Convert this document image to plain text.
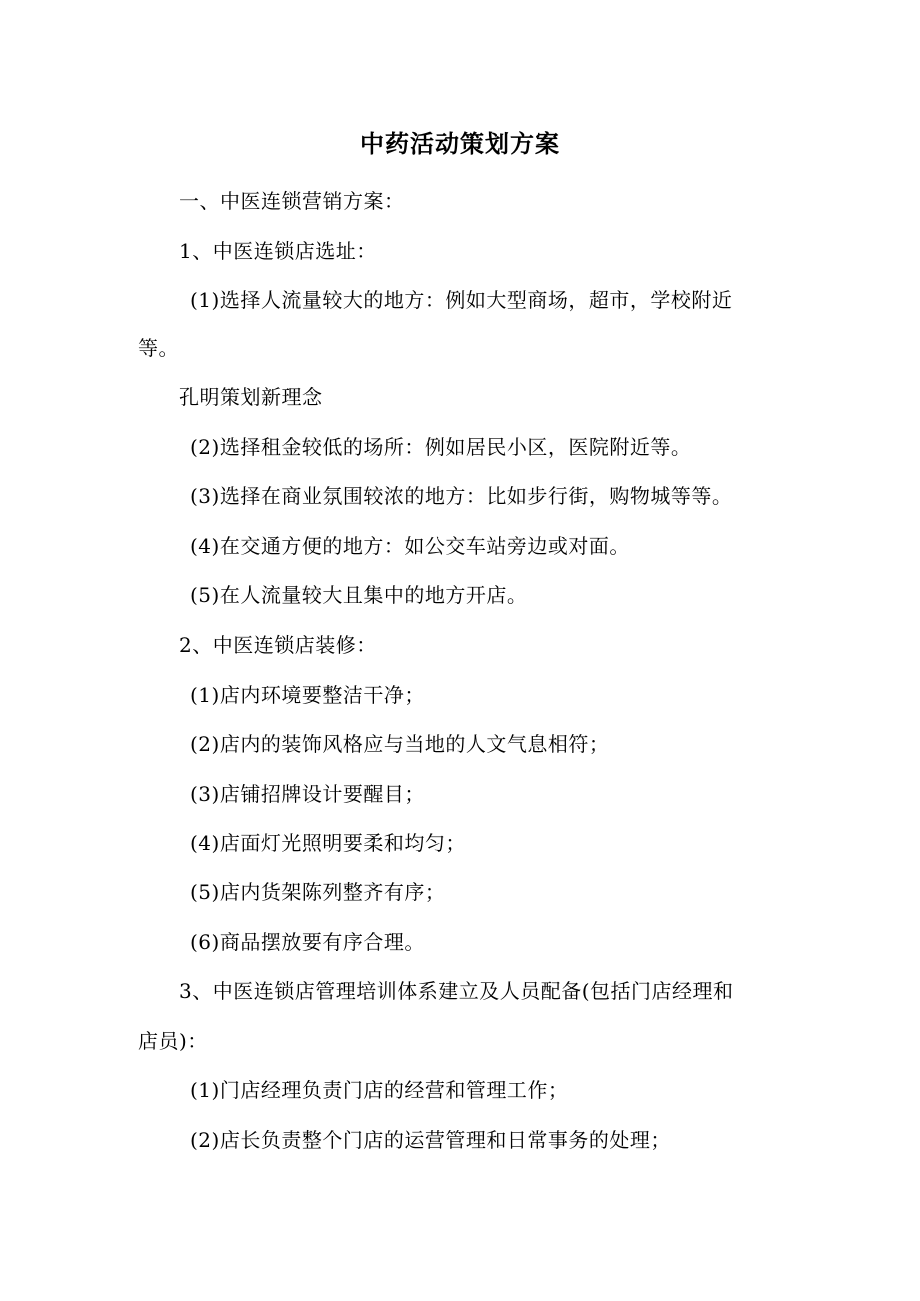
中药活动策划方案
一、中医连锁营销方案：
1、中医连锁店选址：
(1)选择人流量较大的地方：例如大型商场，超市，学校附近
等。
孔明策划新理念
(2)选择租金较低的场所：例如居民小区，医院附近等。
(3)选择在商业氛围较浓的地方：比如步行街，购物城等等。
(4)在交通方便的地方：如公交车站旁边或对面。
(5)在人流量较大且集中的地方开店。
2、中医连锁店装修：
(1)店内环境要整洁干净；
(2)店内的装饰风格应与当地的人文气息相符；
(3)店铺招牌设计要醒目；
(4)店面灯光照明要柔和均匀；
(5)店内货架陈列整齐有序；
(6)商品摆放要有序合理。
3、中医连锁店管理培训体系建立及人员配备(包括门店经理和
店员)：
(1)门店经理负责门店的经营和管理工作；
(2)店长负责整个门店的运营管理和日常事务的处理；
